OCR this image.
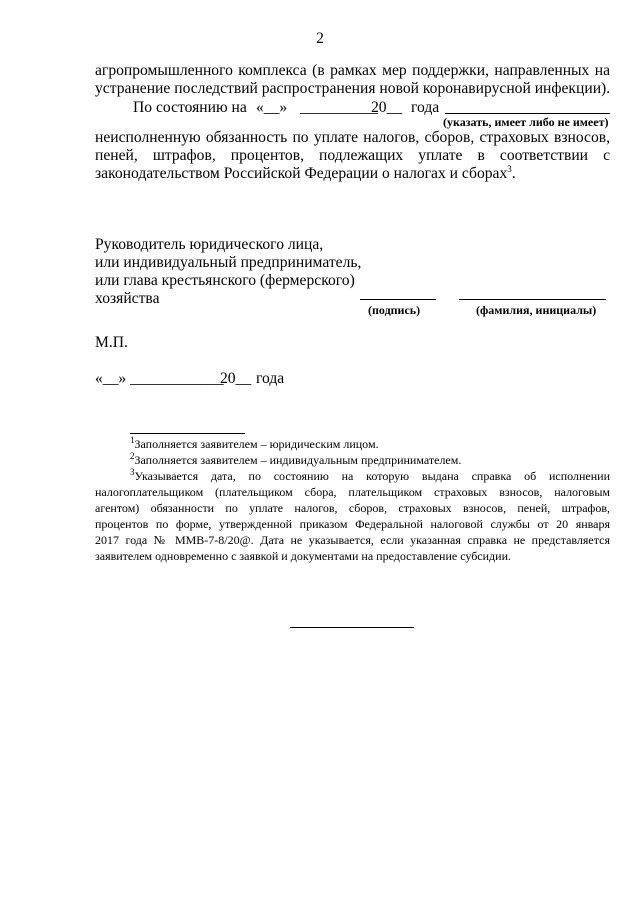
2
агропромышленного комплекса (в рамках мер поддержки, направленных на
устранение последствий распространения новой коронавирусной инфекции).
По состоянию на «__» __________
20__ года
(указать, имеет либо не имеет)
неисполненную обязанность по уплате налогов, сборов, страховых взносов,
пеней, штрафов, процентов, подлежащих уплате в соответствии с
законодательством Российской Федерации о налогах и сборах$^3$.
Руководитель юридического лица,
или индивидуальный предприниматель,
или глава крестьянского (фермерского)
хозяйства
(подпись)	(фамилия, инициалы)
М.П.
«__» ____________
20__ года
$^1$Заполняется заявителем – юридическим лицом.
$^2$Заполняется заявителем – индивидуальным предпринимателем.
$^3$Указывается дата, по состоянию на которую выдана справка об исполнении
налогоплательщиком (плательщиком сбора, плательщиком страховых взносов, налоговым
агентом) обязанности по уплате налогов, сборов, страховых взносов, пеней, штрафов,
процентов по форме, утвержденной приказом Федеральной налоговой службы от 20 января
2017 года № ММВ-7-8/20@. Дата не указывается, если указанная справка не представляется
заявителем одновременно с заявкой и документами на предоставление субсидии.
